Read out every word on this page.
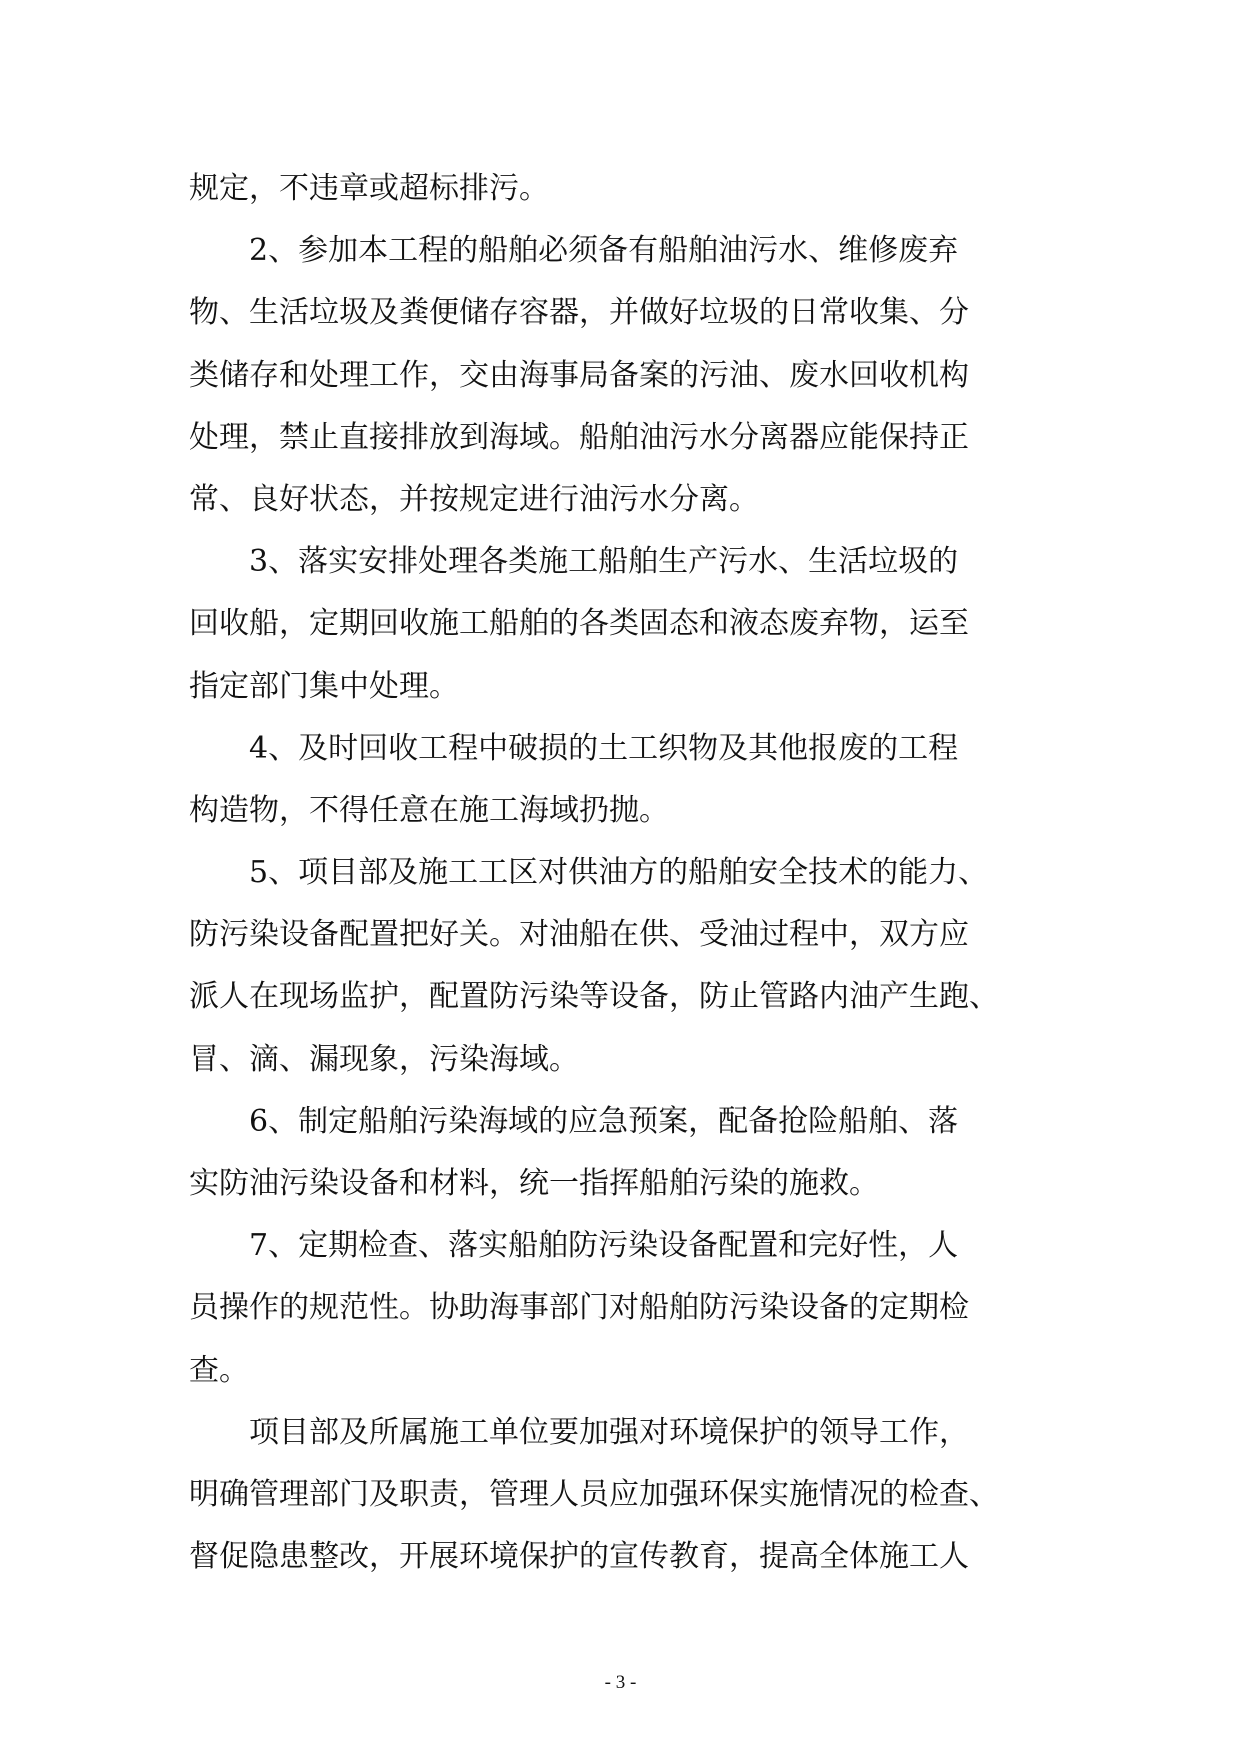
规定，不违章或超标排污。
2、参加本工程的船舶必须备有船舶油污水、维修废弃
物、生活垃圾及粪便储存容器，并做好垃圾的日常收集、分
类储存和处理工作，交由海事局备案的污油、废水回收机构
处理，禁止直接排放到海域。船舶油污水分离器应能保持正
常、良好状态，并按规定进行油污水分离。
3、落实安排处理各类施工船舶生产污水、生活垃圾的
回收船，定期回收施工船舶的各类固态和液态废弃物，运至
指定部门集中处理。
4、及时回收工程中破损的土工织物及其他报废的工程
构造物，不得任意在施工海域扔抛。
5、项目部及施工工区对供油方的船舶安全技术的能力、
防污染设备配置把好关。对油船在供、受油过程中，双方应
派人在现场监护，配置防污染等设备，防止管路内油产生跑、
冒、滴、漏现象，污染海域。
6、制定船舶污染海域的应急预案，配备抢险船舶、落
实防油污染设备和材料，统一指挥船舶污染的施救。
7、定期检查、落实船舶防污染设备配置和完好性，人
员操作的规范性。协助海事部门对船舶防污染设备的定期检
查。
项目部及所属施工单位要加强对环境保护的领导工作，
明确管理部门及职责，管理人员应加强环保实施情况的检查、
督促隐患整改，开展环境保护的宣传教育，提高全体施工人
- 3 -
